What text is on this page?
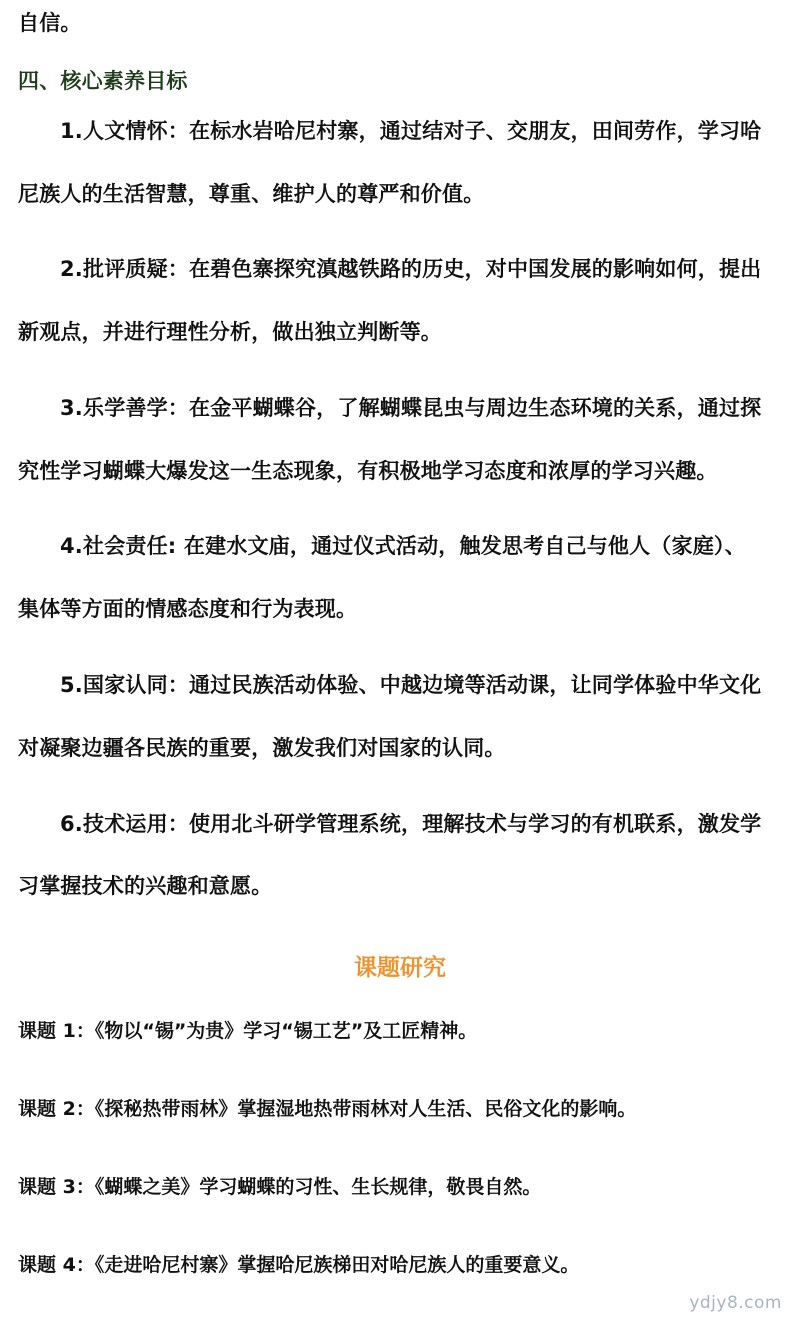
自信。
四、核心素养目标
1.人文情怀：在标水岩哈尼村寨，通过结对子、交朋友，田间劳作，学习哈
尼族人的生活智慧，尊重、维护人的尊严和价值。
2.批评质疑：在碧色寨探究滇越铁路的历史，对中国发展的影响如何，提出
新观点，并进行理性分析，做出独立判断等。
3.乐学善学：在金平蝴蝶谷，了解蝴蝶昆虫与周边生态环境的关系，通过探
究性学习蝴蝶大爆发这一生态现象，有积极地学习态度和浓厚的学习兴趣。
4.社会责任: 在建水文庙，通过仪式活动，触发思考自己与他人（家庭）、
集体等方面的情感态度和行为表现。
5.国家认同：通过民族活动体验、中越边境等活动课，让同学体验中华文化
对凝聚边疆各民族的重要，激发我们对国家的认同。
6.技术运用：使用北斗研学管理系统，理解技术与学习的有机联系，激发学
习掌握技术的兴趣和意愿。
课题研究
课题 1：《物以“锡”为贵》学习“锡工艺”及工匠精神。
课题 2：《探秘热带雨林》掌握湿地热带雨林对人生活、民俗文化的影响。
课题 3：《蝴蝶之美》学习蝴蝶的习性、生长规律，敬畏自然。
课题 4：《走进哈尼村寨》掌握哈尼族梯田对哈尼族人的重要意义。
ydjy8.com
